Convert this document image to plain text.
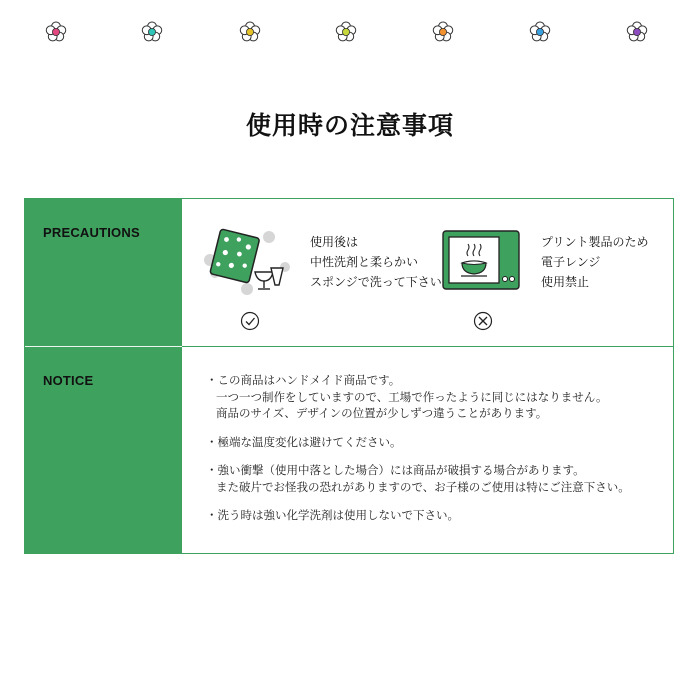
使用時の注意事項
PRECAUTIONS
NOTICE
使用後は
中性洗剤と柔らかい
スポンジで洗って下さい
プリント製品のため
電子レンジ
使用禁止
・この商品はハンドメイド商品です。
一つ一つ制作をしていますので、工場で作ったように同じにはなりません。
商品のサイズ、デザインの位置が少しずつ違うことがあります。
・極端な温度変化は避けてください。
・強い衝撃（使用中落とした場合）には商品が破損する場合があります。
また破片でお怪我の恐れがありますので、お子様のご使用は特にご注意下さい。
・洗う時は強い化学洗剤は使用しないで下さい。
